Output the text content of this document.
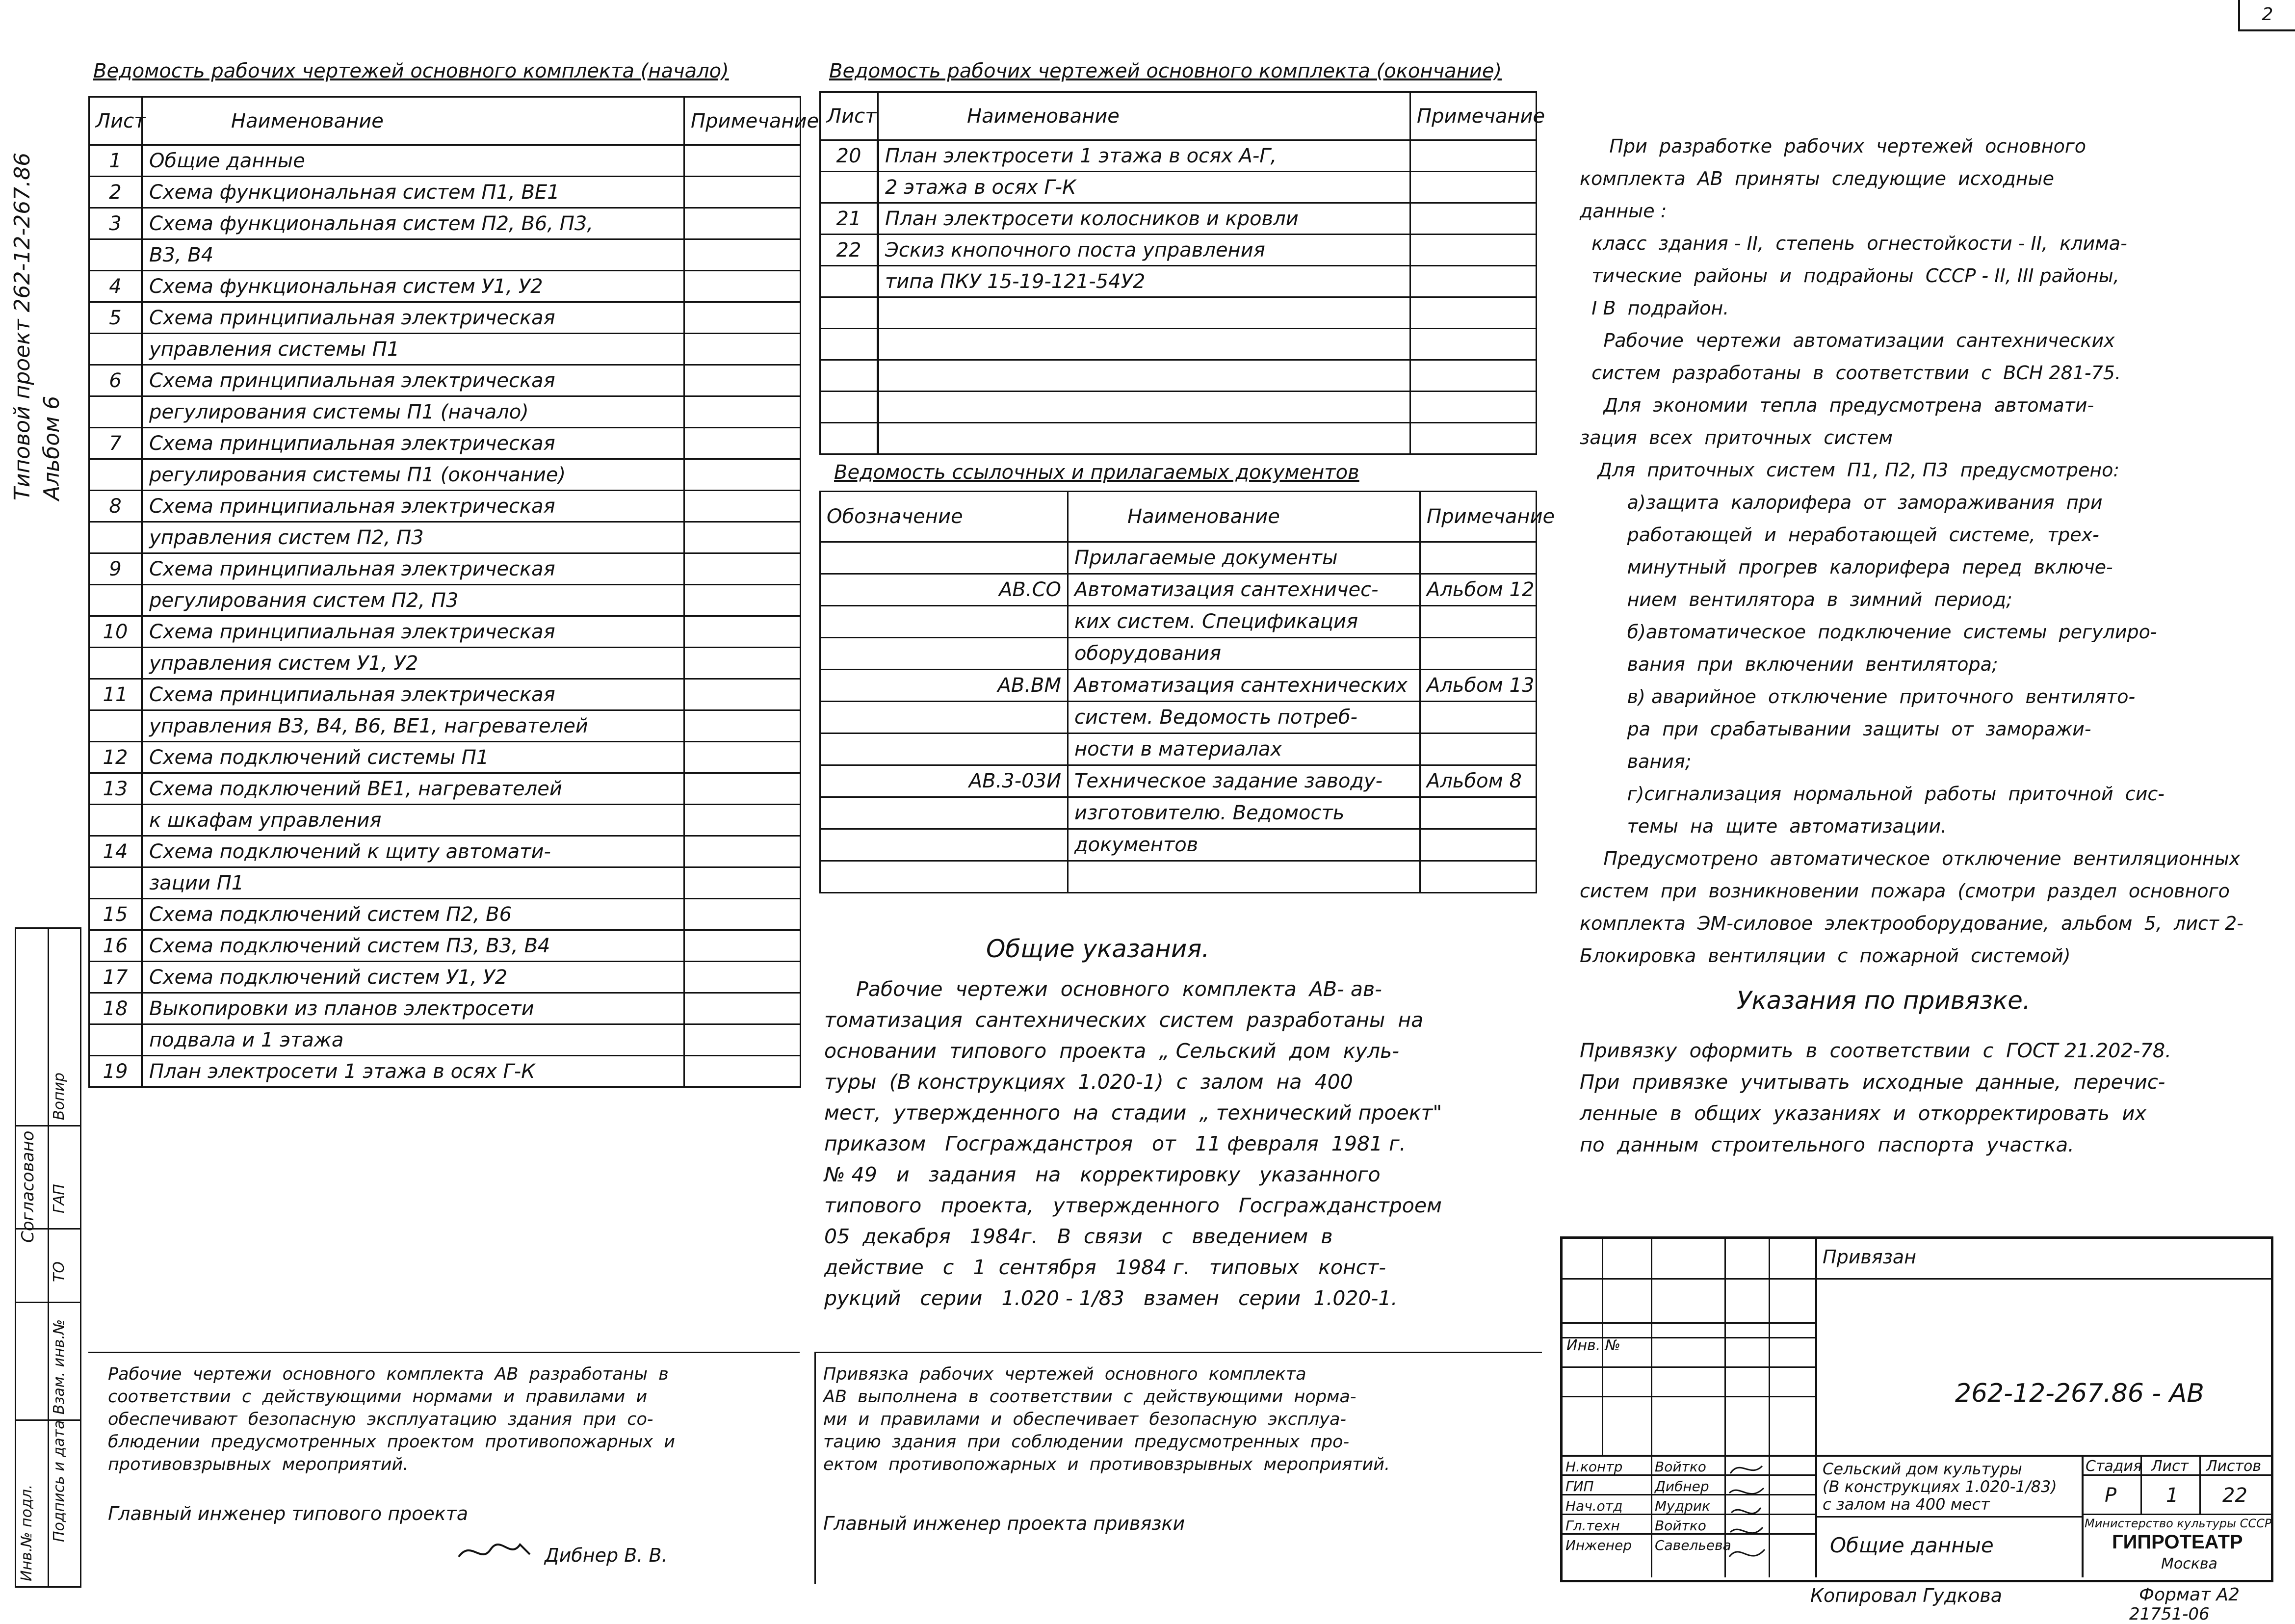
2
Типовой проект 262-12-267.86 Альбом 6
Согласовано ГАП
ТО
Вопир
Взам. инв.№
Подпись и дата
Инв.№ подл.
Ведомость рабочих чертежей основного комплекта (начало)
Лист	Наименование	Примечание
1	Общие данные	
2	Схема функциональная систем П1, ВЕ1	
3	Схема функциональная систем П2, В6, П3,	
	В3, В4	
4	Схема функциональная систем У1, У2	
5	Схема принципиальная электрическая	
	управления системы П1	
6	Схема принципиальная электрическая	
	регулирования системы П1 (начало)	
7	Схема принципиальная электрическая	
	регулирования системы П1 (окончание)	
8	Схема принципиальная электрическая	
	управления систем П2, П3	
9	Схема принципиальная электрическая	
	регулирования систем П2, П3	
10	Схема принципиальная электрическая	
	управления систем У1, У2	
11	Схема принципиальная электрическая	
	управления В3, В4, В6, ВЕ1, нагревателей	
12	Схема подключений системы П1	
13	Схема подключений ВЕ1, нагревателей	
	к шкафам управления	
14	Схема подключений к щиту автомати-	
	зации П1	
15	Схема подключений систем П2, В6	
16	Схема подключений систем П3, В3, В4	
17	Схема подключений систем У1, У2	
18	Выкопировки из планов электросети	
	подвала и 1 этажа	
19	План электросети 1 этажа в осях Г-К	
Ведомость рабочих чертежей основного комплекта (окончание)
Лист	Наименование	Примечание
20	План электросети 1 этажа в осях А-Г,	
	2 этажа в осях Г-К	
21	План электросети колосников и кровли	
22	Эскиз кнопочного поста управления	
	типа ПКУ 15-19-121-54У2	

Ведомость ссылочных и прилагаемых документов
Обозначение	Наименование	Примечание
	Прилагаемые документы	
АВ.СО	Автоматизация сантехничес-	Альбом 12
	ких систем. Спецификация	
	оборудования	
АВ.ВМ	Автоматизация сантехнических	Альбом 13
	систем. Ведомость потреб-	
	ности в материалах	
АВ.3-03И	Техническое задание заводу-	Альбом 8
	изготовителю. Ведомость	
	документов	

Общие указания.
Рабочие  чертежи  основного  комплекта  АВ- ав-
томатизация  сантехнических  систем  разработаны  на
основании  типового  проекта  „ Сельский  дом  куль-
туры  (В конструкциях  1.020-1)  с  залом  на  400
мест,  утвержденного  на  стадии  „ технический проект"
приказом   Госгражданстроя   от   11 февраля  1981 г.
№ 49   и   задания   на   корректировку   указанного
типового   проекта,   утвержденного   Госгражданстроем
05  декабря   1984г.   В  связи   с   введением  в
действие   с   1  сентября   1984 г.   типовых   конст-
рукций   серии   1.020 - 1/83   взамен   серии  1.020-1.
При  разработке  рабочих  чертежей  основного
комплекта  АВ  приняты  следующие  исходные
данные :
класс  здания - II,  степень  огнестойкости - II,  клима-
тические  районы  и  подрайоны  СССР - II, III районы,
I В  подрайон.
Рабочие  чертежи  автоматизации  сантехнических
систем  разработаны  в  соответствии  с  ВСН 281-75.
Для  экономии  тепла  предусмотрена  автомати-
зация  всех  приточных  систем
Для  приточных  систем  П1, П2, П3  предусмотрено:
а)защита  калорифера  от  замораживания  при
работающей  и  неработающей  системе,  трех-
минутный  прогрев  калорифера  перед  включе-
нием  вентилятора  в  зимний  период;
б)автоматическое  подключение  системы  регулиро-
вания  при  включении  вентилятора;
в) аварийное  отключение  приточного  вентилято-
ра  при  срабатывании  защиты  от  заморажи-
вания;
г)сигнализация  нормальной  работы  приточной  сис-
темы  на  щите  автоматизации.
Предусмотрено  автоматическое  отключение  вентиляционных
систем  при  возникновении  пожара  (смотри  раздел  основного
комплекта  ЭМ-силовое  электрооборудование,  альбом  5,  лист 2-
Блокировка  вентиляции  с  пожарной  системой)
Указания по привязке.
Привязку  оформить  в  соответствии  с  ГОСТ 21.202-78.
При  привязке  учитывать  исходные  данные,  перечис-
ленные  в  общих  указаниях  и  откорректировать  их
по  данным  строительного  паспорта  участка.
Рабочие  чертежи  основного  комплекта  АВ  разработаны  в
соответствии  с  действующими  нормами  и  правилами  и
обеспечивают  безопасную  эксплуатацию  здания  при  со-
блюдении  предусмотренных  проектом  противопожарных  и
противовзрывных  мероприятий.
Главный инженер типового проекта
Дибнер В. В.
Привязка  рабочих  чертежей  основного  комплекта
АВ  выполнена  в  соответствии  с  действующими  норма-
ми  и  правилами  и  обеспечивает  безопасную  эксплуа-
тацию  здания  при  соблюдении  предусмотренных  про-
ектом  противопожарных  и  противовзрывных  мероприятий.
Главный инженер проекта привязки
Привязан
Инв. №
262-12-267.86 - АВ
Н.контр Войтко
ГИП	Дибнер
Нач.отд Мудрик
Гл.техн	Войтко
Инженер Савельева
Сельский дом культуры
(В конструкциях 1.020-1/83)
с залом на 400 мест
Общие данные
Стадия Лист Листов
Р	1 22
Министерство культуры СССР
ГИПРОТЕАТР
Москва
Копировал Гудкова	Формат А2
21751-06
